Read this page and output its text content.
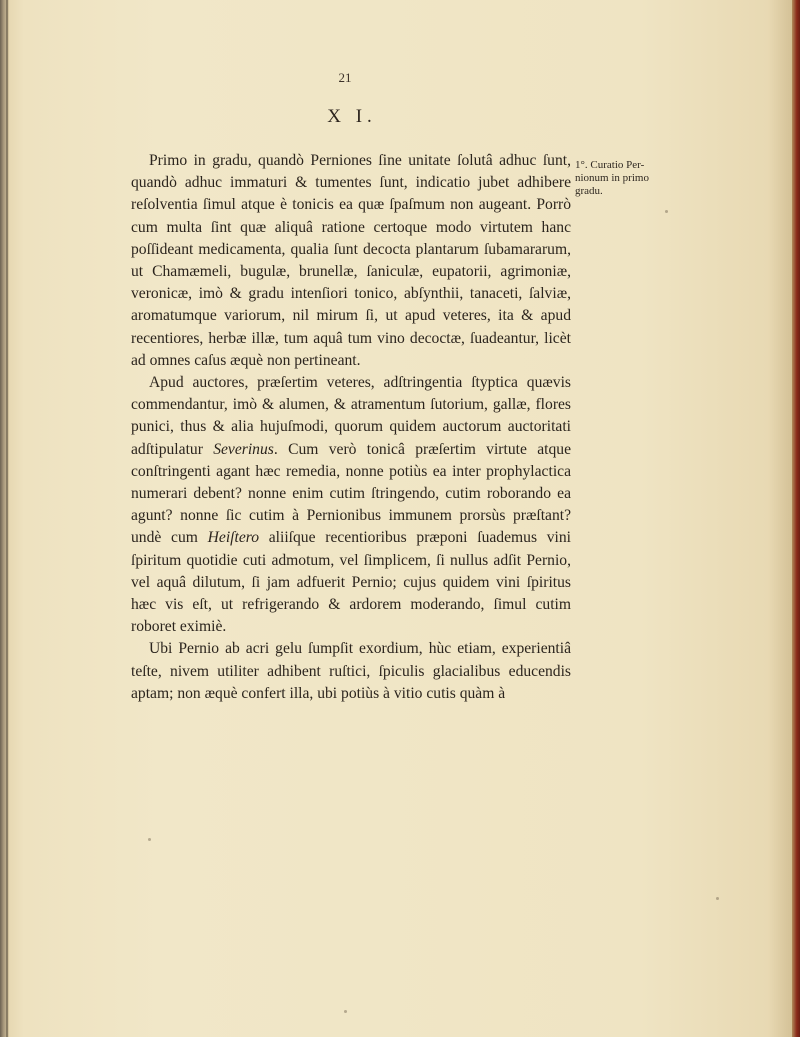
21
X I.

Primo in gradu, quandò Perniones ſine unitate ſolutâ adhuc ſunt, quandò adhuc immaturi & tumentes ſunt, indicatio jubet adhibere reſolventia ſimul atque è tonicis ea quæ ſpaſmum non augeant. Porrò cum multa ſint quæ aliquâ ratione certoque modo virtutem hanc poſſideant medicamenta, qualia ſunt decocta plantarum ſubamararum, ut Chamæmeli, bugulæ, brunellæ, ſaniculæ, eupatorii, agrimoniæ, veronicæ, imò & gradu intenſiori tonico, abſynthii, tanaceti, ſalviæ, aromatumque variorum, nil mirum ſi, ut apud veteres, ita & apud recentiores, herbæ illæ, tum aquâ tum vino decoctæ, ſuadeantur, licèt ad omnes caſus æquè non pertineant.

Apud auctores, præſertim veteres, adſtringentia ſtyptica quævis commendantur, imò & alumen, & atramentum ſutorium, gallæ, flores punici, thus & alia hujuſmodi, quorum quidem auctorum auctoritati adſtipulatur Severinus. Cum verò tonicâ præſertim virtute atque conſtringenti agant hæc remedia, nonne potiùs ea inter prophylactica numerari debent? nonne enim cutim ſtringendo, cutim roborando ea agunt? nonne ſic cutim à Pernionibus immunem prorsùs præſtant? undè cum Heiſtero aliiſque recentioribus præponi ſuademus vini ſpiritum quotidie cuti admotum, vel ſimplicem, ſi nullus adſit Pernio, vel aquâ dilutum, ſi jam adfuerit Pernio; cujus quidem vini ſpiritus hæc vis eſt, ut refrigerando & ardorem moderando, ſimul cutim roboret eximiè.

Ubi Pernio ab acri gelu ſumpſit exordium, hùc etiam, experientiâ teſte, nivem utiliter adhibent ruſtici, ſpiculis glacialibus educendis aptam; non æquè confert illa, ubi potiùs à vitio cutis quàm à

1°. Curatio Per-
nionum in primo
gradu.
